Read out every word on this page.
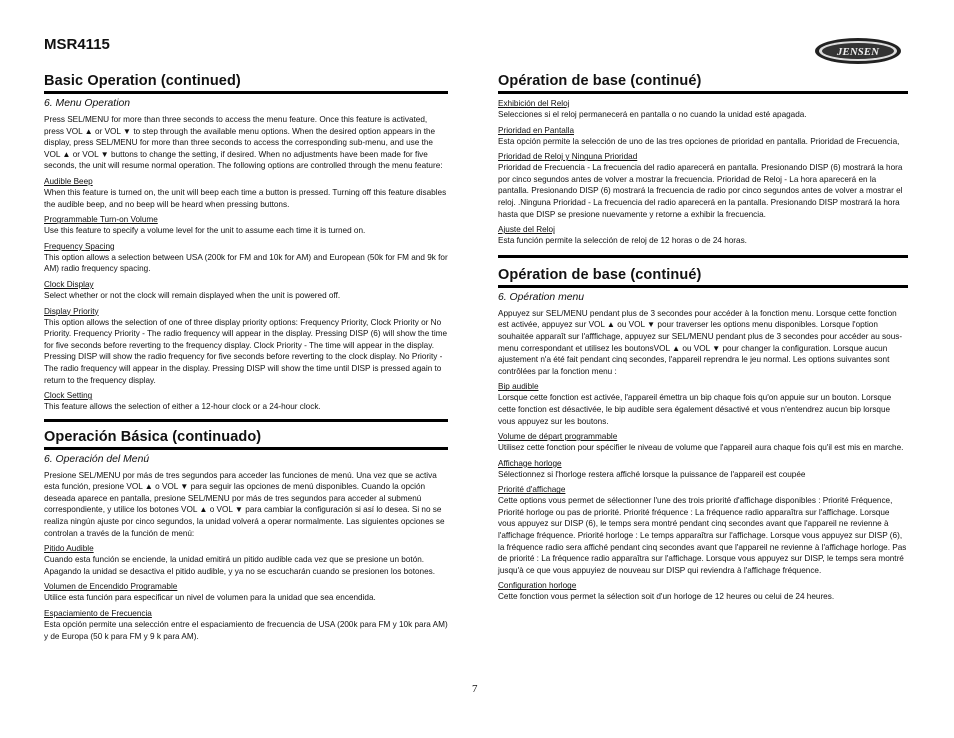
MSR4115	JENSEN
Basic Operation (continued)
6. Menu Operation

Press SEL/MENU for more than three seconds to access the menu feature. Once this feature is activated, press VOL ▲ or VOL ▼ to step through the available menu options. When the desired option appears in the display, press SEL/MENU for more than three seconds to access the corresponding sub-menu, and use the VOL ▲ or VOL ▼ buttons to change the setting, if desired. When no adjustments have been made for five seconds, the unit will resume normal operation. The following options are controlled through the menu feature:

Audible Beep

When this feature is turned on, the unit will beep each time a button is pressed. Turning off this feature disables the audible beep, and no beep will be heard when pressing buttons.

Programmable Turn-on Volume

Use this feature to specify a volume level for the unit to assume each time it is turned on.

Frequency Spacing

This option allows a selection between USA (200k for FM and 10k for AM) and European (50k for FM and 9k for AM) radio frequency spacing.

Clock Display

Select whether or not the clock will remain displayed when the unit is powered off.

Display Priority

This option allows the selection of one of three display priority options: Frequency Priority, Clock Priority or No Priority. Frequency Priority - The radio frequency will appear in the display. Pressing DISP (6) will show the time for five seconds before reverting to the frequency display. Clock Priority - The time will appear in the display. Pressing DISP will show the radio frequency for five seconds before reverting to the clock display. No Priority - The radio frequency will appear in the display. Pressing DISP will show the time until DISP is pressed again to return to the frequency display.

Clock Setting

This feature allows the selection of either a 12-hour clock or a 24-hour clock.

Operación Básica (continuado)
6. Operación del Menú

Presione SEL/MENU por más de tres segundos para acceder las funciones de menú. Una vez que se activa esta función, presione VOL ▲ o VOL ▼ para seguir las opciones de menú disponibles. Cuando la opción deseada aparece en pantalla, presione SEL/MENU por más de tres segundos para acceder al submenú correspondiente, y utilice los botones VOL ▲ o VOL ▼ para cambiar la configuración si así lo desea. Si no se realiza ningún ajuste por cinco segundos, la unidad volverá a operar normalmente. Las siguientes opciones se controlan a través de la función de menú:

Pitido Audible

Cuando esta función se enciende, la unidad emitirá un pitido audible cada vez que se presione un botón. Apagando la unidad se desactiva el pitido audible, y ya no se escucharán cuando se presionen los botones.

Volumen de Encendido Programable

Utilice esta función para especificar un nivel de volumen para la unidad que sea encendida.

Espaciamiento de Frecuencia

Esta opción permite una selección entre el espaciamiento de frecuencia de USA (200k para FM y 10k para AM) y de Europa (50 k para FM y 9 k para AM).

Opération de base (continué)
Exhibición del Reloj

Selecciones si el reloj permanecerá en pantalla o no cuando la unidad esté apagada.

Prioridad en Pantalla

Esta opción permite la selección de uno de las tres opciones de prioridad en pantalla. Prioridad de Frecuencia,

Prioridad de Reloj y Ninguna Prioridad

Prioridad de Frecuencia - La frecuencia del radio aparecerá en pantalla. Presionando DISP (6) mostrará la hora por cinco segundos antes de volver a mostrar la frecuencia. Prioridad de Reloj - La hora aparecerá en la pantalla. Presionando DISP (6) mostrará la frecuencia de radio por cinco segundos antes de volver a mostrar el reloj. .Ninguna Prioridad - La frecuencia del radio aparecerá en la pantalla. Presionando DISP mostrará la hora hasta que DISP se presione nuevamente y retorne a exhibir la frecuencia.

Ajuste del Reloj

Esta función permite la selección de reloj de 12 horas o de 24 horas.

Opération de base (continué)
6. Opération menu

Appuyez sur SEL/MENU pendant plus de 3 secondes pour accéder à la fonction menu. Lorsque cette fonction est activée, appuyez sur VOL ▲ ou VOL ▼ pour traverser les options menu disponibles. Lorsque l'option souhaitée apparaît sur l'afffichage, appuyez sur SEL/MENU pendant plus de 3 secondes pour accéder au sous-menu correspondant et utilisez les boutonsVOL ▲ ou VOL ▼ pour changer la configuration. Lorsque aucun ajustement n'a été fait pendant cinq secondes, l'appareil reprendra le jeu normal. Les options suivantes sont contrôlées par la fonction menu :

Bip audible

Lorsque cette fonction est activée, l'appareil émettra un bip chaque fois qu'on appuie sur un bouton. Lorsque cette fonction est désactivée, le bip audible sera également désactivé et vous n'entendrez aucun bip lorsque vous appuyez sur les boutons.

Volume de départ programmable

Utilisez cette fonction pour spécifier le niveau de volume que l'appareil aura chaque fois qu'il est mis en marche.

Affichage horloge

Sélectionnez si l'horloge restera affiché lorsque la puissance de l'appareil est coupée

Priorité d'affichage

Cette options vous permet de sélectionner l'une des trois priorité d'affichage disponibles : Priorité Fréquence, Priorité horloge ou pas de priorité. Priorité fréquence : La fréquence radio apparaîtra sur l'affichage. Lorsque vous appuyez sur DISP (6), le temps sera montré pendant cinq secondes avant que l'appareil ne revienne à l'affichage fréquence. Priorité horloge : Le temps apparaîtra sur l'affichage. Lorsque vous appuyez sur DISP (6), la fréquence radio sera affiché pendant cinq secondes avant que l'appareil ne revienne à l'affichage horloge. Pas de priorité : La fréquence radio apparaîtra sur l'affichage. Lorsque vous appuyez sur DISP, le temps sera montré jusqu'à ce que vous appuyiez de nouveau sur DISP qui reviendra à l'affichage fréquence.

Configuration horloge

Cette fonction vous permet la sélection soit d'un horloge de 12 heures ou celui de 24 heures.

7
